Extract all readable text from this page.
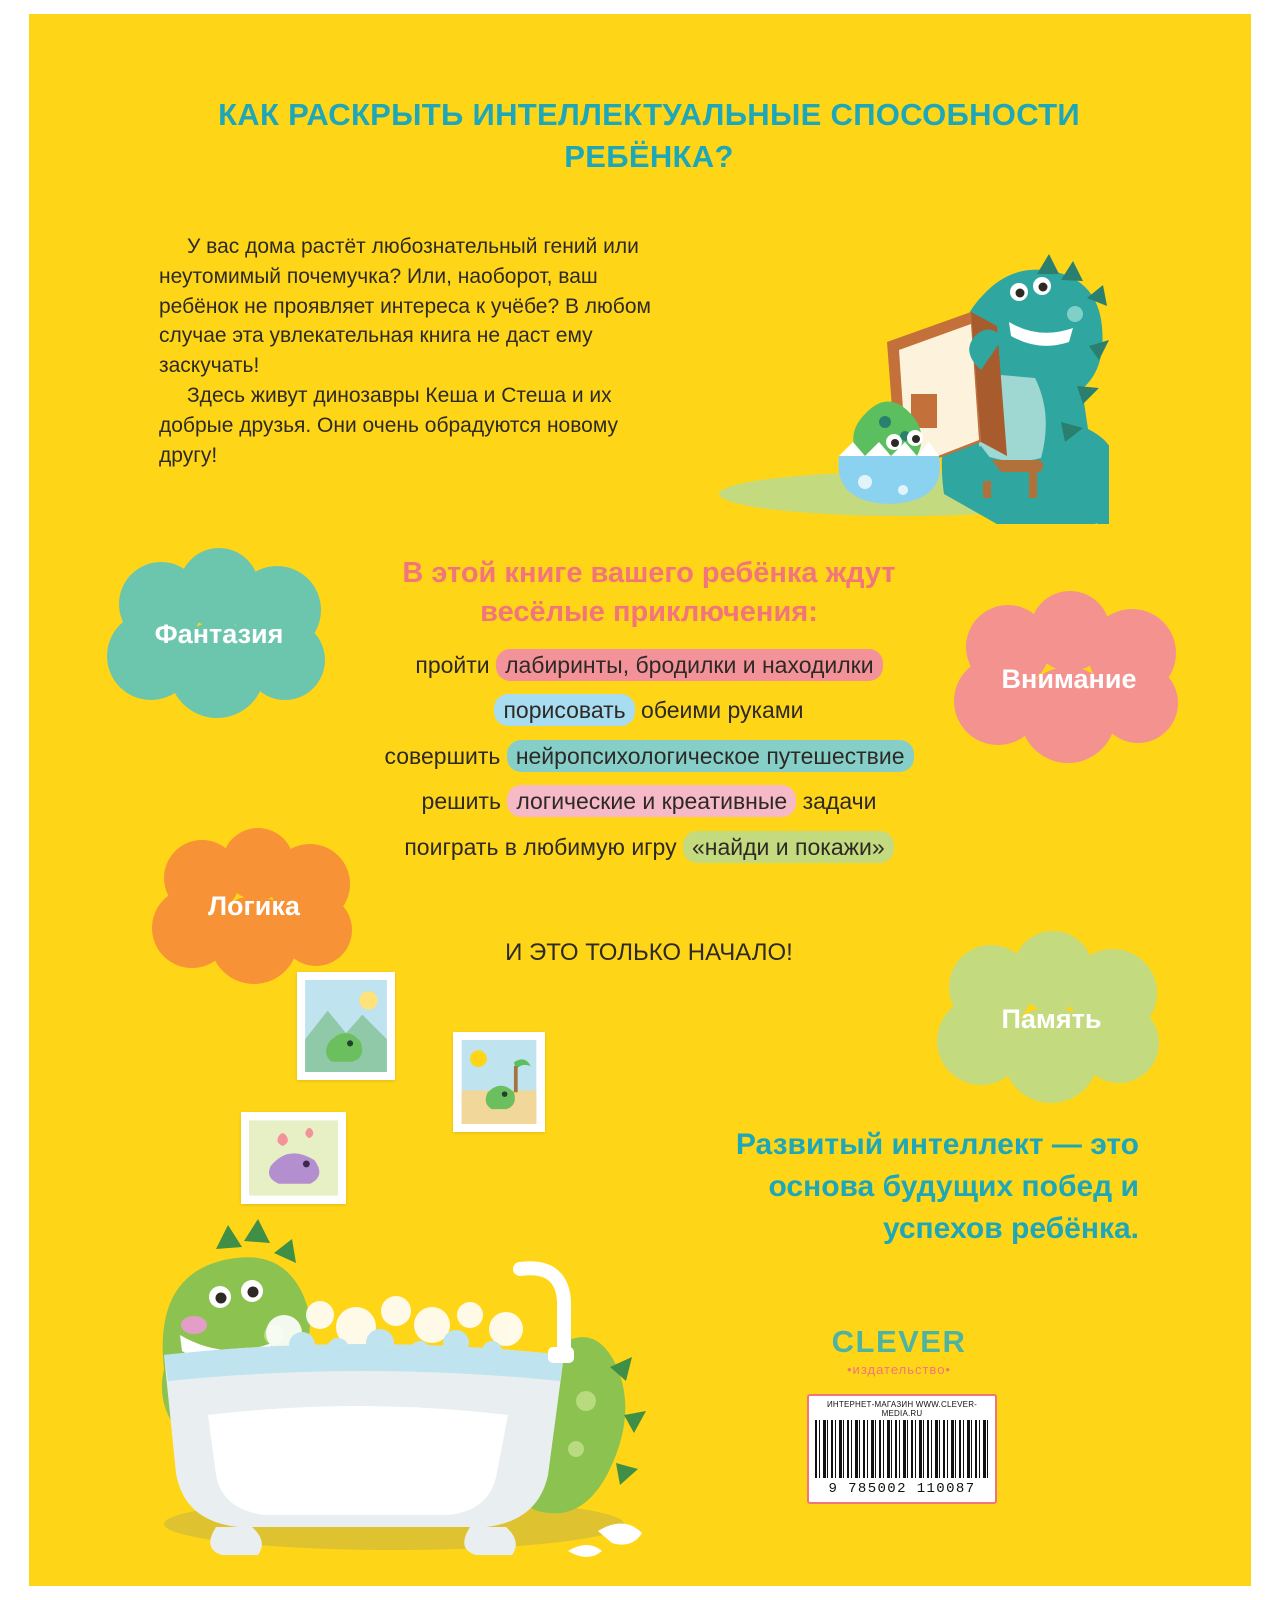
КАК РАСКРЫТЬ ИНТЕЛЛЕКТУАЛЬНЫЕ СПОСОБНОСТИ РЕБЁНКА?

У вас дома растёт любознательный гений или неутомимый почемучка? Или, наоборот, ваш ребёнок не проявляет интереса к учёбе? В любом случае эта увлекательная книга не даст ему заскучать!

Здесь живут динозавры Кеша и Стеша и их добрые друзья. Они очень обрадуются новому другу!

Фантазия
Внимание
Логика
Память
В этой книге вашего ребёнка ждут весёлые приключения:
пройти лабиринты, бродилки и находилки
порисовать обеими руками
совершить нейропсихологическое путешествие
решить логические и креативные задачи
поиграть в любимую игру «найди и покажи»
И ЭТО ТОЛЬКО НАЧАЛО!
Развитый интеллект — это основа будущих побед и успехов ребёнка.
CLEVER
•издательство•
ИНТЕРНЕТ-МАГАЗИН WWW.CLEVER-MEDIA.RU
9 785002 110087
